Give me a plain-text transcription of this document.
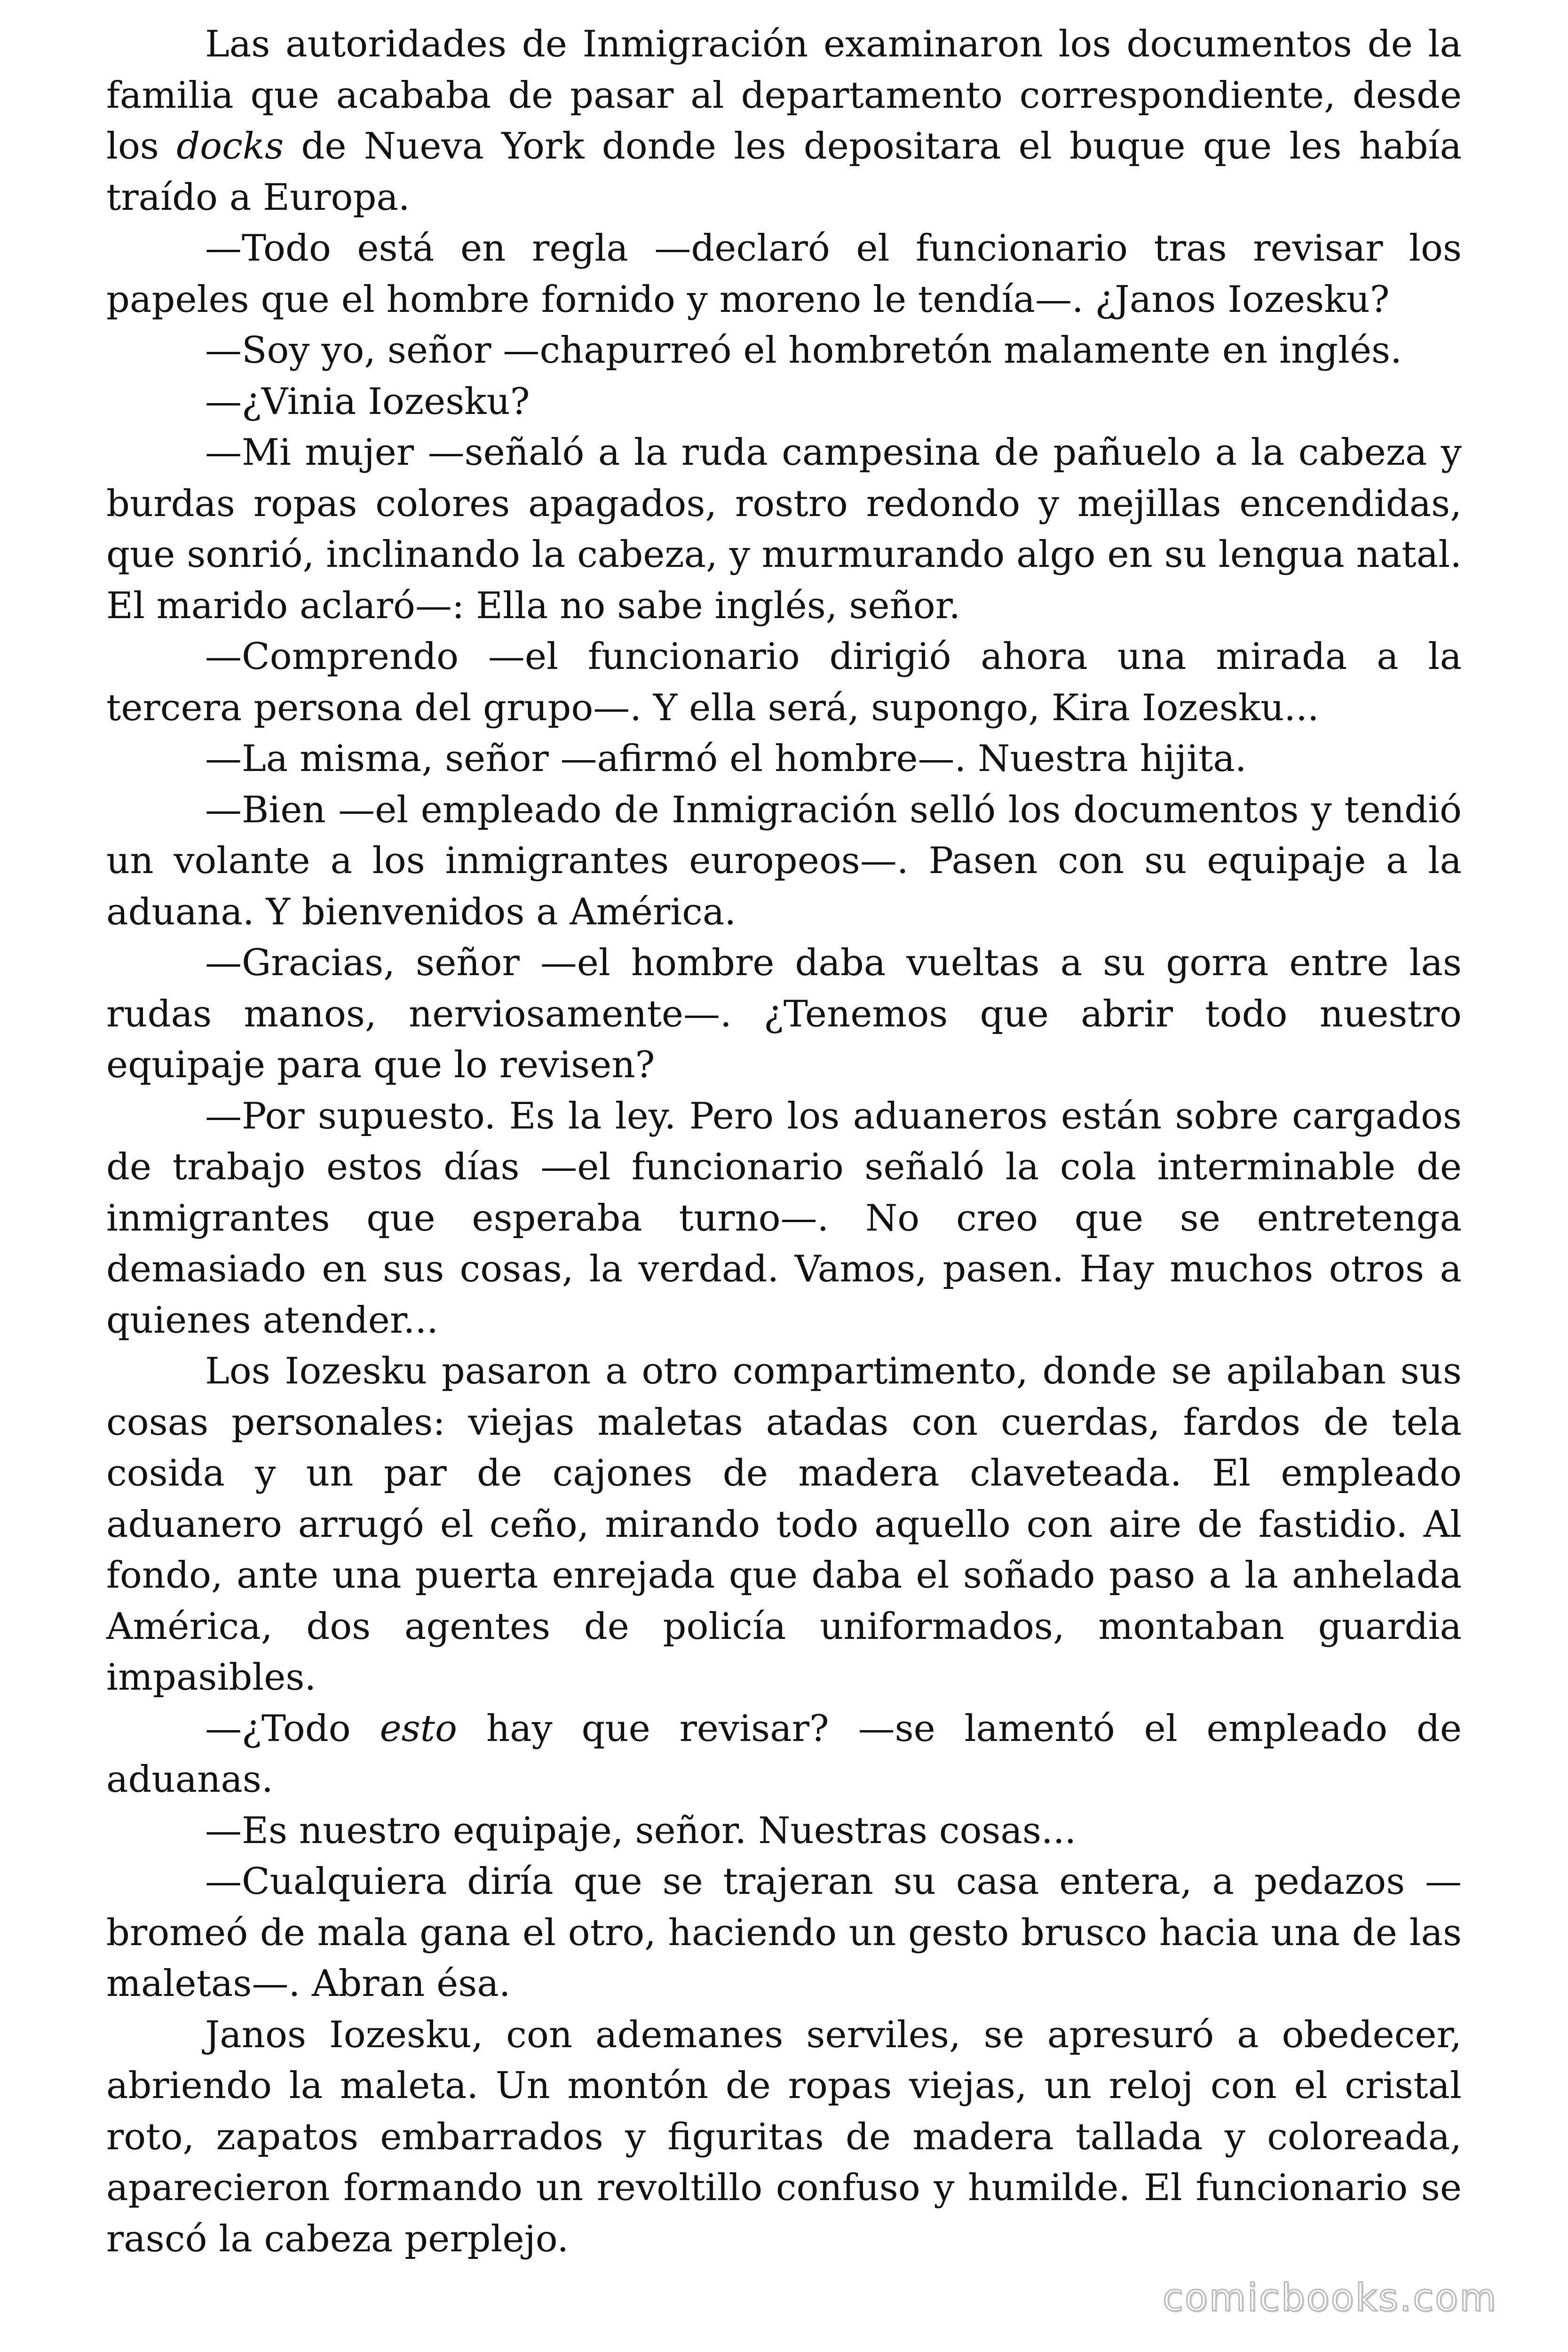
Las autoridades de Inmigración examinaron los documentos de la familia que acababa de pasar al departamento correspondiente, desde los docks de Nueva York donde les depositara el buque que les había traído a Europa.

—Todo está en regla —declaró el funcionario tras revisar los papeles que el hombre fornido y moreno le tendía—. ¿Janos Iozesku?

—Soy yo, señor —chapurreó el hombretón malamente en inglés.

—¿Vinia Iozesku?

—Mi mujer —señaló a la ruda campesina de pañuelo a la cabeza y burdas ropas colores apagados, rostro redondo y mejillas encendidas, que sonrió, inclinando la cabeza, y murmurando algo en su lengua natal. El marido aclaró—: Ella no sabe inglés, señor.

—Comprendo —el funcionario dirigió ahora una mirada a la tercera persona del grupo—. Y ella será, supongo, Kira Iozesku...

—La misma, señor —afirmó el hombre—. Nuestra hijita.

—Bien —el empleado de Inmigración selló los documentos y tendió un volante a los inmigrantes europeos—. Pasen con su equipaje a la aduana. Y bienvenidos a América.

—Gracias, señor —el hombre daba vueltas a su gorra entre las rudas manos, nerviosamente—. ¿Tenemos que abrir todo nuestro equipaje para que lo revisen?

—Por supuesto. Es la ley. Pero los aduaneros están sobre cargados de trabajo estos días —el funcionario señaló la cola interminable de inmigrantes que esperaba turno—. No creo que se entretenga demasiado en sus cosas, la verdad. Vamos, pasen. Hay muchos otros a quienes atender...

Los Iozesku pasaron a otro compartimento, donde se apilaban sus cosas personales: viejas maletas atadas con cuerdas, fardos de tela cosida y un par de cajones de madera claveteada. El empleado aduanero arrugó el ceño, mirando todo aquello con aire de fastidio. Al fondo, ante una puerta enrejada que daba el soñado paso a la anhelada América, dos agentes de policía uniformados, montaban guardia impasibles.

—¿Todo esto hay que revisar? —se lamentó el empleado de aduanas.

—Es nuestro equipaje, señor. Nuestras cosas...

—Cualquiera diría que se trajeran su casa entera, a pedazos —bromeó de mala gana el otro, haciendo un gesto brusco hacia una de las maletas—. Abran ésa.

Janos Iozesku, con ademanes serviles, se apresuró a obedecer, abriendo la maleta. Un montón de ropas viejas, un reloj con el cristal roto, zapatos embarrados y figuritas de madera tallada y coloreada, aparecieron formando un revoltillo confuso y humilde. El funcionario se rascó la cabeza perplejo.

comicbooks.com
